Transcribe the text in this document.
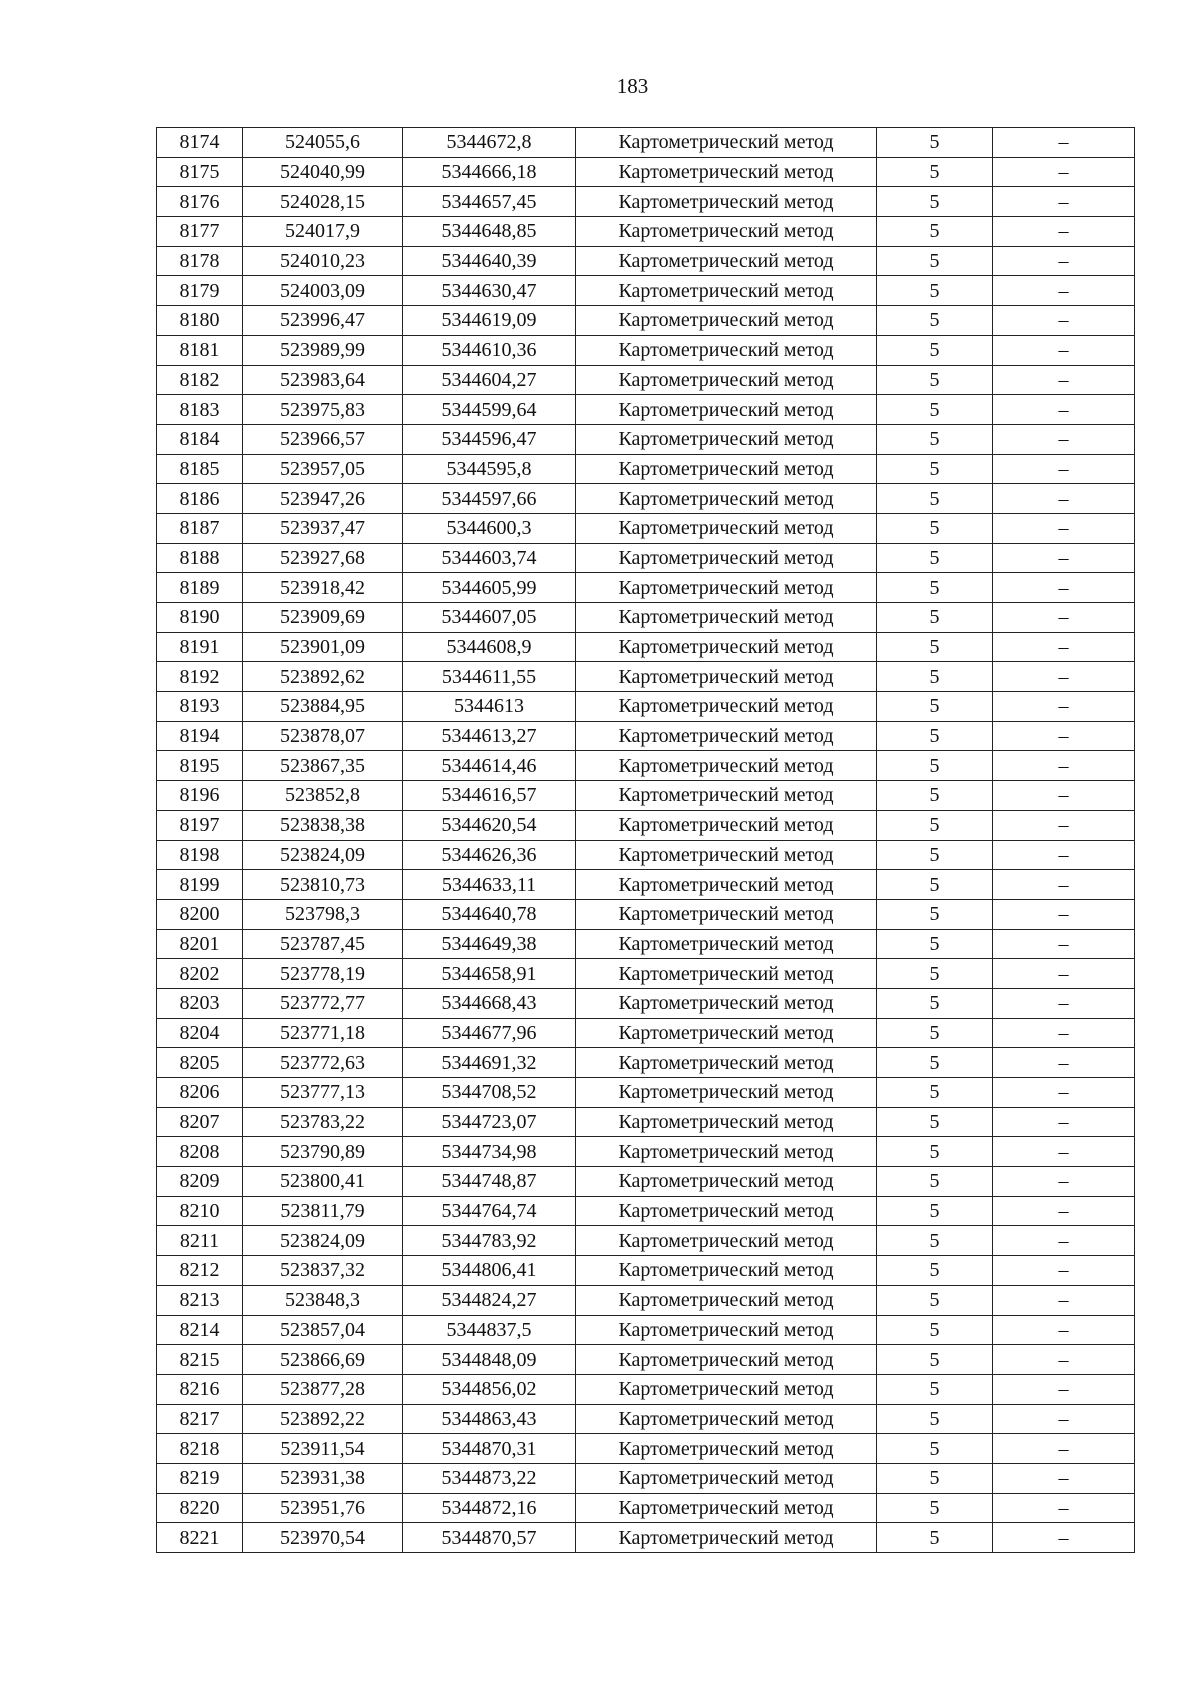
183
8174	524055,6	5344672,8	Картометрический метод	5	–
8175	524040,99	5344666,18	Картометрический метод	5	–
8176	524028,15	5344657,45	Картометрический метод	5	–
8177	524017,9	5344648,85	Картометрический метод	5	–
8178	524010,23	5344640,39	Картометрический метод	5	–
8179	524003,09	5344630,47	Картометрический метод	5	–
8180	523996,47	5344619,09	Картометрический метод	5	–
8181	523989,99	5344610,36	Картометрический метод	5	–
8182	523983,64	5344604,27	Картометрический метод	5	–
8183	523975,83	5344599,64	Картометрический метод	5	–
8184	523966,57	5344596,47	Картометрический метод	5	–
8185	523957,05	5344595,8	Картометрический метод	5	–
8186	523947,26	5344597,66	Картометрический метод	5	–
8187	523937,47	5344600,3	Картометрический метод	5	–
8188	523927,68	5344603,74	Картометрический метод	5	–
8189	523918,42	5344605,99	Картометрический метод	5	–
8190	523909,69	5344607,05	Картометрический метод	5	–
8191	523901,09	5344608,9	Картометрический метод	5	–
8192	523892,62	5344611,55	Картометрический метод	5	–
8193	523884,95	5344613	Картометрический метод	5	–
8194	523878,07	5344613,27	Картометрический метод	5	–
8195	523867,35	5344614,46	Картометрический метод	5	–
8196	523852,8	5344616,57	Картометрический метод	5	–
8197	523838,38	5344620,54	Картометрический метод	5	–
8198	523824,09	5344626,36	Картометрический метод	5	–
8199	523810,73	5344633,11	Картометрический метод	5	–
8200	523798,3	5344640,78	Картометрический метод	5	–
8201	523787,45	5344649,38	Картометрический метод	5	–
8202	523778,19	5344658,91	Картометрический метод	5	–
8203	523772,77	5344668,43	Картометрический метод	5	–
8204	523771,18	5344677,96	Картометрический метод	5	–
8205	523772,63	5344691,32	Картометрический метод	5	–
8206	523777,13	5344708,52	Картометрический метод	5	–
8207	523783,22	5344723,07	Картометрический метод	5	–
8208	523790,89	5344734,98	Картометрический метод	5	–
8209	523800,41	5344748,87	Картометрический метод	5	–
8210	523811,79	5344764,74	Картометрический метод	5	–
8211	523824,09	5344783,92	Картометрический метод	5	–
8212	523837,32	5344806,41	Картометрический метод	5	–
8213	523848,3	5344824,27	Картометрический метод	5	–
8214	523857,04	5344837,5	Картометрический метод	5	–
8215	523866,69	5344848,09	Картометрический метод	5	–
8216	523877,28	5344856,02	Картометрический метод	5	–
8217	523892,22	5344863,43	Картометрический метод	5	–
8218	523911,54	5344870,31	Картометрический метод	5	–
8219	523931,38	5344873,22	Картометрический метод	5	–
8220	523951,76	5344872,16	Картометрический метод	5	–
8221	523970,54	5344870,57	Картометрический метод	5	–
